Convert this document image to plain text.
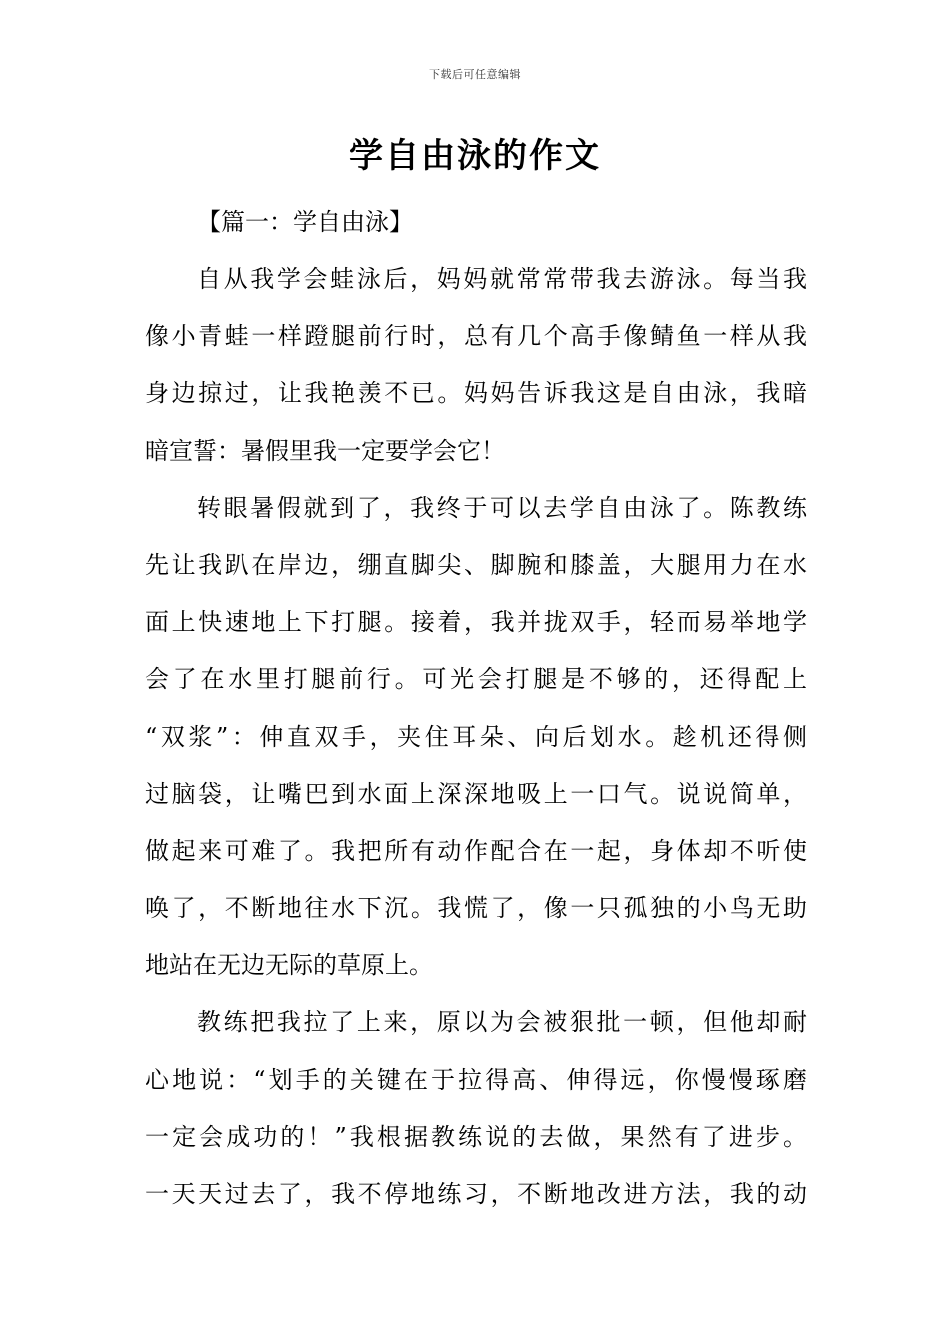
下载后可任意编辑
学自由泳的作文

【篇一：学自由泳】

自从我学会蛙泳后，妈妈就常常带我去游泳。每当我

像小青蛙一样蹬腿前行时，总有几个高手像鲭鱼一样从我

身边掠过，让我艳羡不已。妈妈告诉我这是自由泳，我暗

暗宣誓：暑假里我一定要学会它！

转眼暑假就到了，我终于可以去学自由泳了。陈教练

先让我趴在岸边，绷直脚尖、脚腕和膝盖，大腿用力在水

面上快速地上下打腿。接着，我并拢双手，轻而易举地学

会了在水里打腿前行。可光会打腿是不够的，还得配上

“双浆”：伸直双手，夹住耳朵、向后划水。趁机还得侧

过脑袋，让嘴巴到水面上深深地吸上一口气。说说简单，

做起来可难了。我把所有动作配合在一起，身体却不听使

唤了，不断地往水下沉。我慌了，像一只孤独的小鸟无助

地站在无边无际的草原上。

教练把我拉了上来，原以为会被狠批一顿，但他却耐

心地说：“划手的关键在于拉得高、伸得远，你慢慢琢磨

一定会成功的！”我根据教练说的去做，果然有了进步。

一天天过去了，我不停地练习，不断地改进方法，我的动
